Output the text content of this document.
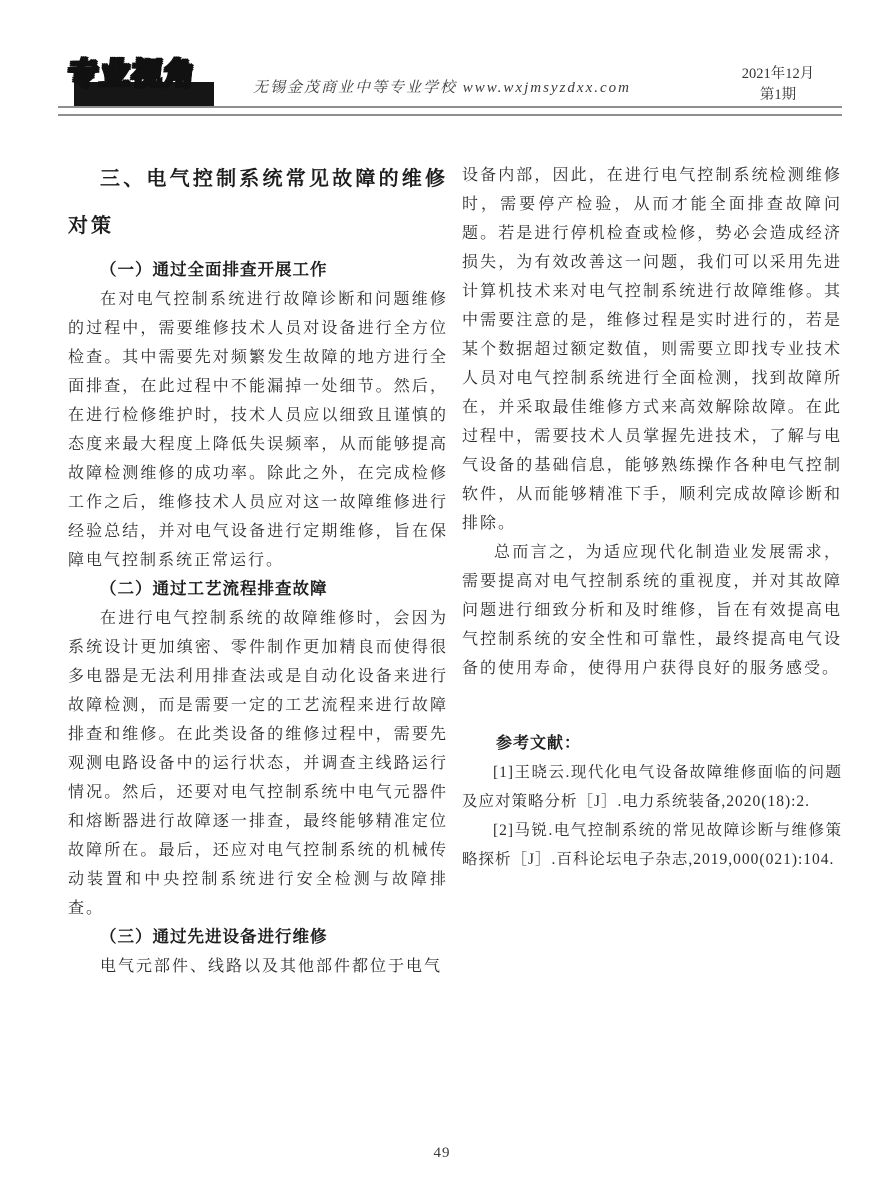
专业视角	无锡金茂商业中等专业学校 www.wxjmsyzdxx.com
2021年12月
第1期
三、电气控制系统常见故障的维修对策
（一）通过全面排查开展工作

在对电气控制系统进行故障诊断和问题维修的过程中，需要维修技术人员对设备进行全方位检查。其中需要先对频繁发生故障的地方进行全面排查，在此过程中不能漏掉一处细节。然后，在进行检修维护时，技术人员应以细致且谨慎的态度来最大程度上降低失误频率，从而能够提高故障检测维修的成功率。除此之外，在完成检修工作之后，维修技术人员应对这一故障维修进行经验总结，并对电气设备进行定期维修，旨在保障电气控制系统正常运行。

（二）通过工艺流程排查故障

在进行电气控制系统的故障维修时，会因为系统设计更加缜密、零件制作更加精良而使得很多电器是无法利用排查法或是自动化设备来进行故障检测，而是需要一定的工艺流程来进行故障排查和维修。在此类设备的维修过程中，需要先观测电路设备中的运行状态，并调查主线路运行情况。然后，还要对电气控制系统中电气元器件和熔断器进行故障逐一排查，最终能够精准定位故障所在。最后，还应对电气控制系统的机械传动装置和中央控制系统进行安全检测与故障排查。

（三）通过先进设备进行维修

电气元部件、线路以及其他部件都位于电气

设备内部，因此，在进行电气控制系统检测维修时，需要停产检验，从而才能全面排查故障问题。若是进行停机检查或检修，势必会造成经济损失，为有效改善这一问题，我们可以采用先进计算机技术来对电气控制系统进行故障维修。其中需要注意的是，维修过程是实时进行的，若是某个数据超过额定数值，则需要立即找专业技术人员对电气控制系统进行全面检测，找到故障所在，并采取最佳维修方式来高效解除故障。在此过程中，需要技术人员掌握先进技术，了解与电气设备的基础信息，能够熟练操作各种电气控制软件，从而能够精准下手，顺利完成故障诊断和排除。

总而言之，为适应现代化制造业发展需求，需要提高对电气控制系统的重视度，并对其故障问题进行细致分析和及时维修，旨在有效提高电气控制系统的安全性和可靠性，最终提高电气设备的使用寿命，使得用户获得良好的服务感受。

参考文献：

[1]王晓云.现代化电气设备故障维修面临的问题及应对策略分析［J］.电力系统装备,2020(18):2.

[2]马锐.电气控制系统的常见故障诊断与维修策略探析［J］.百科论坛电子杂志,2019,000(021):104.

49
